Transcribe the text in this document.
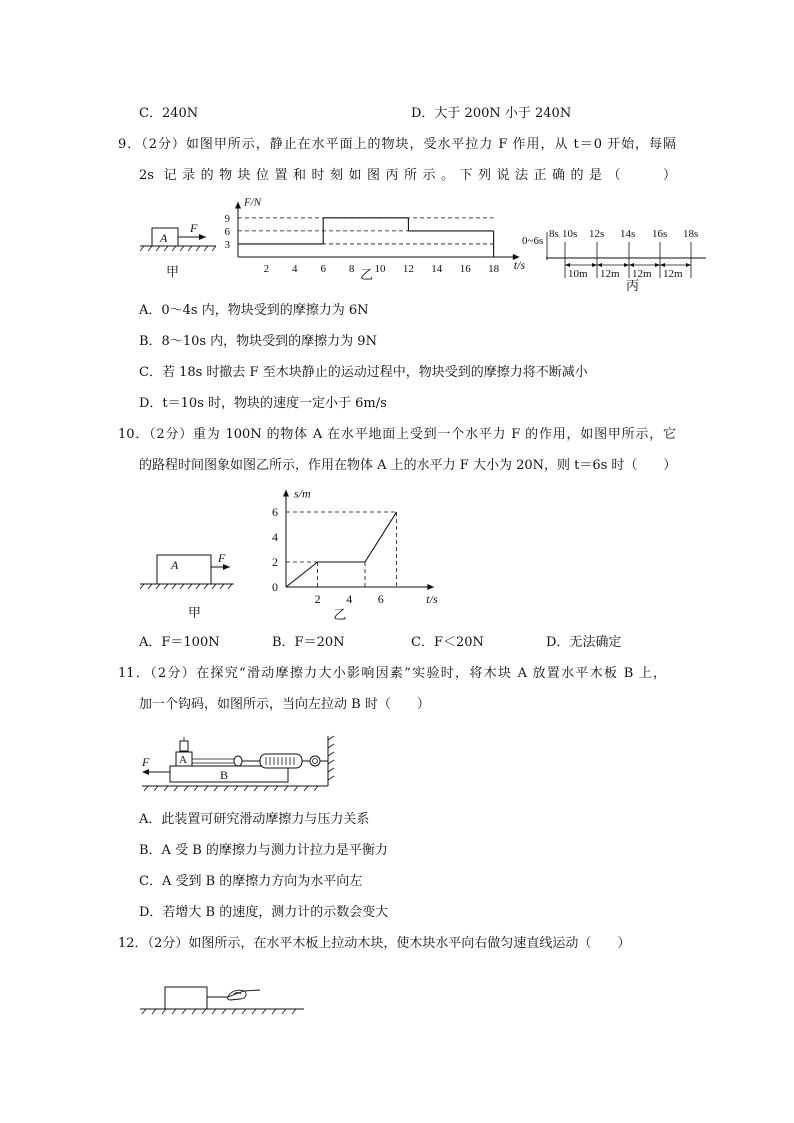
C．240N	D．大于 200N 小于 240N
9．（2分）如图甲所示，静止在水平面上的物块，受水平拉力 F 作用，从 t＝0 开始，每隔
2s 记录的物块位置和时刻如图丙所示。下列说法正确的是（　　）
A
F
甲
F/N
t/s
2 4 6 8 10 12 14 16 18
3
6
9
乙
0~6s
8s 10s 12s 14s 16s 18s
10m 12m 12m 12m
丙
A．0～4s 内，物块受到的摩擦力为 6N
B．8～10s 内，物块受到的摩擦力为 9N
C．若 18s 时撤去 F 至木块静止的运动过程中，物块受到的摩擦力将不断减小
D．t＝10s 时，物块的速度一定小于 6m/s
10．（2分）重为 100N 的物体 A 在水平地面上受到一个水平力 F 的作用，如图甲所示，它
的路程时间图象如图乙所示，作用在物体 A 上的水平力 F 大小为 20N，则 t＝6s 时（　　）
A	F
甲
s/m
t/s
0
2 4 6
2
4
6
乙
A．F＝100N	B．F＝20N	C．F＜20N	D．无法确定
11．（2分）在探究“滑动摩擦力大小影响因素”实验时，将木块 A 放置水平木板 B 上，
加一个钩码，如图所示，当向左拉动 B 时（　　）
B
A
F
A．此装置可研究滑动摩擦力与压力关系
B．A 受 B 的摩擦力与测力计拉力是平衡力
C．A 受到 B 的摩擦力方向为水平向左
D．若增大 B 的速度，测力计的示数会变大
12．（2分）如图所示，在水平木板上拉动木块，使木块水平向右做匀速直线运动（　　）
